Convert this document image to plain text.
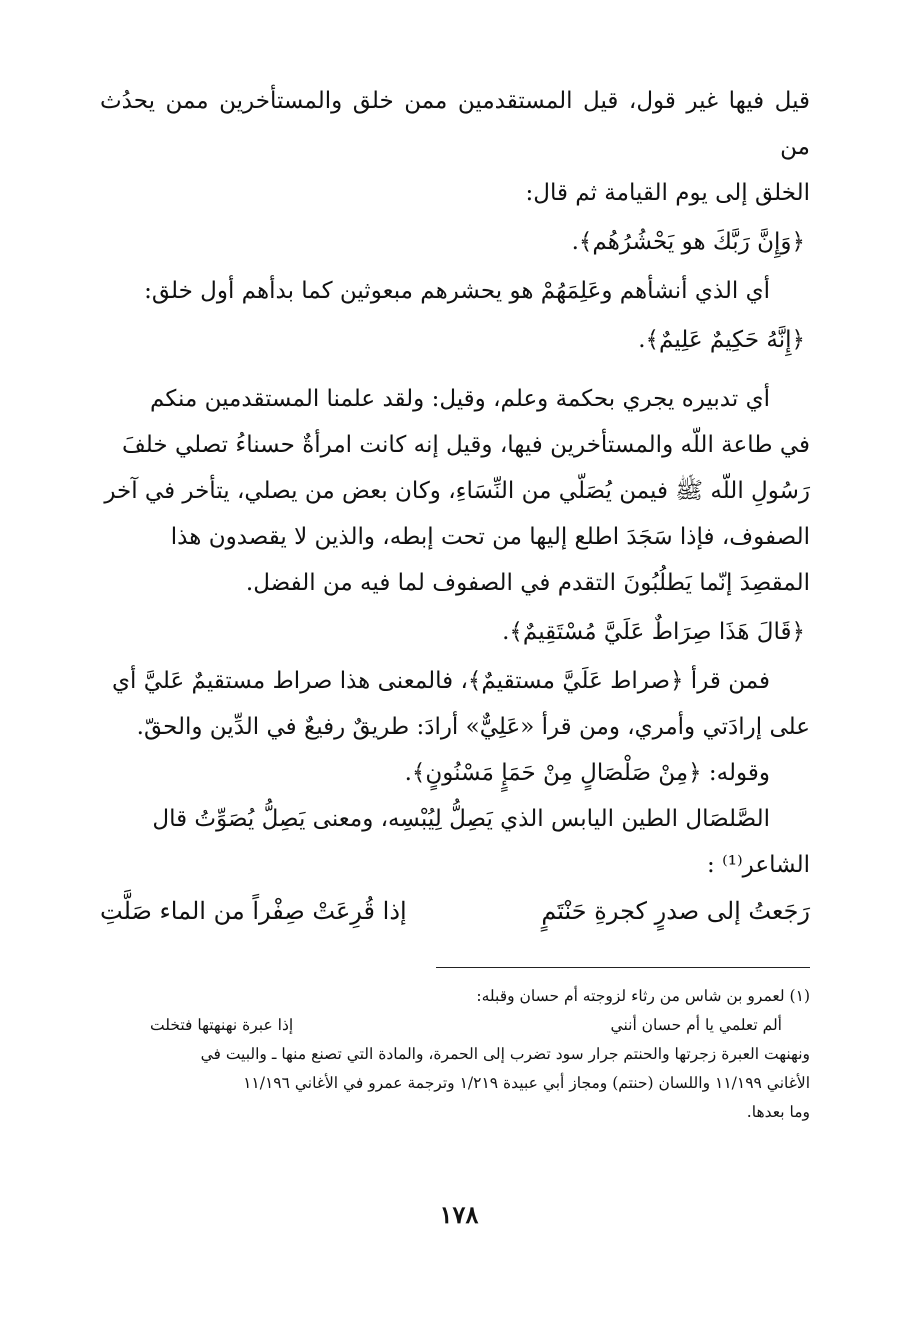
قيل فيها غير قول، قيل المستقدمين ممن خلق والمستأخرين ممن يحدُث من

الخلق إلى يوم القيامة ثم قال:

﴿وَإِنَّ رَبَّكَ هو يَحْشُرُهُم﴾.

أي الذي أنشأهم وعَلِمَهُمْ هو يحشرهم مبعوثين كما بدأهم أول خلق:

﴿إِنَّهُ حَكِيمٌ عَلِيمٌ﴾.

أي تدبيره يجري بحكمة وعلم، وقيل: ولقد علمنا المستقدمين منكم

في طاعة اللّه والمستأخرين فيها، وقيل إنه كانت امرأةٌ حسناءُ تصلي خلفَ

رَسُولِ اللّه ﷺ فيمن يُصَلّي من النِّسَاءِ، وكان بعض من يصلي، يتأخر في آخر

الصفوف، فإذا سَجَدَ اطلع إليها من تحت إبطه، والذين لا يقصدون هذا

المقصِدَ إنّما يَطلُبُونَ التقدم في الصفوف لما فيه من الفضل.

﴿قَالَ هَذَا صِرَاطٌ عَلَيَّ مُسْتَقِيمٌ﴾.

فمن قرأ ﴿صراط عَلَيَّ مستقيمٌ﴾، فالمعنى هذا صراط مستقيمٌ عَليَّ أي

على إرادَتي وأمري، ومن قرأ «عَلِيٌّ» أرادَ: طريقٌ رفيعٌ في الدِّين والحقّ.

وقوله: ﴿مِنْ صَلْصَالٍ مِنْ حَمَإٍ مَسْنُونٍ﴾.

الصَّلصَال الطين اليابس الذي يَصِلُّ لِيُبْسِه، ومعنى يَصِلُّ يُصَوِّتُ قال

الشاعر⁽¹⁾ :

رَجَعتُ إلى صدرٍ كجرةِ حَنْتَمٍ
إذا قُرِعَتْ صِفْراً من الماء صَلَّتِ

(١) لعمرو بن شاس من رثاء لزوجته أم حسان وقبله:

ألم تعلمي يا أم حسان أنني
إذا عبرة نهنهتها فتخلت

ونهنهت العبرة زجرتها والحنتم جرار سود تضرب إلى الحمرة، والمادة التي تصنع منها ـ والبيت في

الأغاني ١١/١٩٩ واللسان (حنتم) ومجاز أبي عبيدة ١/٢١٩ وترجمة عمرو في الأغاني ١١/١٩٦

وما بعدها.

١٧٨
